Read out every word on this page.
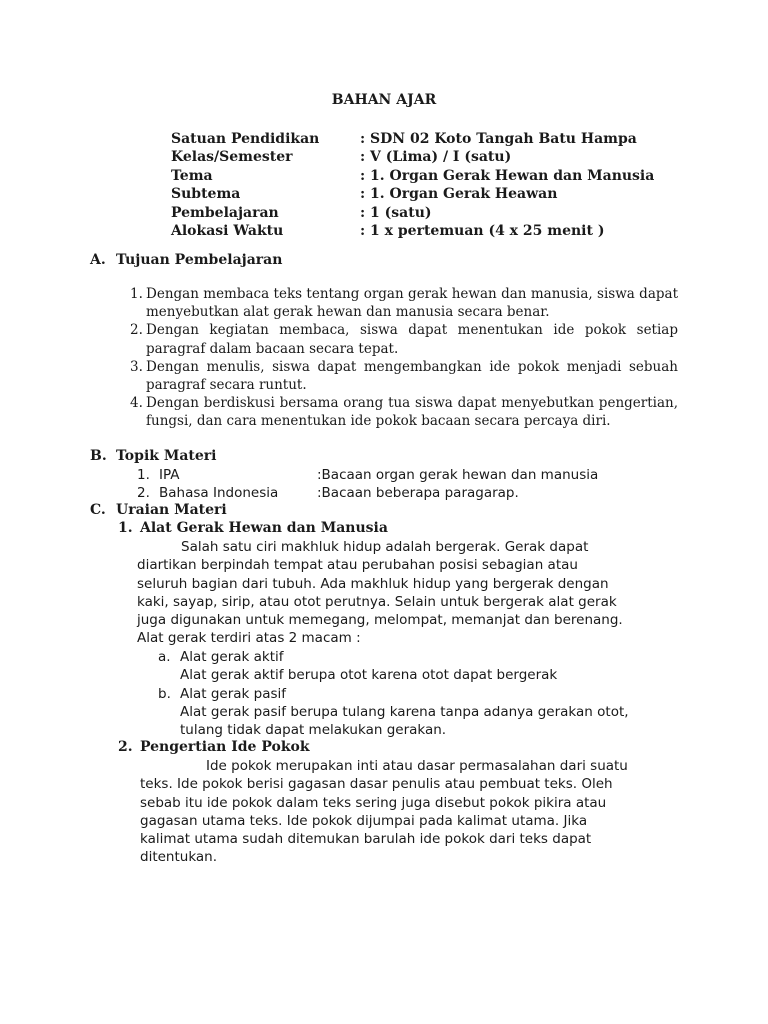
BAHAN AJAR
Satuan Pendidikan	: SDN 02 Koto Tangah Batu Hampa
Kelas/Semester	: V (Lima) / I (satu)
Tema	: 1. Organ Gerak Hewan dan Manusia
Subtema	: 1. Organ Gerak Heawan
Pembelajaran	: 1 (satu)
Alokasi Waktu	: 1 x pertemuan (4 x 25 menit )
A. Tujuan Pembelajaran
1. Dengan membaca teks tentang organ gerak hewan dan manusia, siswa dapat menyebutkan alat gerak hewan dan manusia secara benar.
2. Dengan kegiatan membaca, siswa dapat menentukan ide pokok setiap paragraf dalam bacaan secara tepat.
3. Dengan menulis, siswa dapat mengembangkan ide pokok menjadi sebuah paragraf secara runtut.
4. Dengan berdiskusi bersama orang tua siswa dapat menyebutkan pengertian, fungsi, dan cara menentukan ide pokok bacaan secara percaya diri.
B. Topik Materi
1. IPA	:Bacaan organ gerak hewan dan manusia
2. Bahasa Indonesia	:Bacaan beberapa paragarap.
C. Uraian Materi
1. Alat Gerak Hewan dan Manusia
Salah satu ciri makhluk hidup adalah bergerak. Gerak dapat
diartikan berpindah tempat atau perubahan posisi sebagian atau
seluruh bagian dari tubuh. Ada makhluk hidup yang bergerak dengan
kaki, sayap, sirip, atau otot perutnya. Selain untuk bergerak alat gerak
juga digunakan untuk memegang, melompat, memanjat dan berenang.
Alat gerak terdiri atas 2 macam :
a. Alat gerak aktif
Alat gerak aktif berupa otot karena otot dapat bergerak
b. Alat gerak pasif
Alat gerak pasif berupa tulang karena tanpa adanya gerakan otot,
tulang tidak dapat melakukan gerakan.
2. Pengertian Ide Pokok
Ide pokok merupakan inti atau dasar permasalahan dari suatu
teks. Ide pokok berisi gagasan dasar penulis atau pembuat teks. Oleh
sebab itu ide pokok dalam teks sering juga disebut pokok pikira atau
gagasan utama teks. Ide pokok dijumpai pada kalimat utama. Jika
kalimat utama sudah ditemukan barulah ide pokok dari teks dapat
ditentukan.
